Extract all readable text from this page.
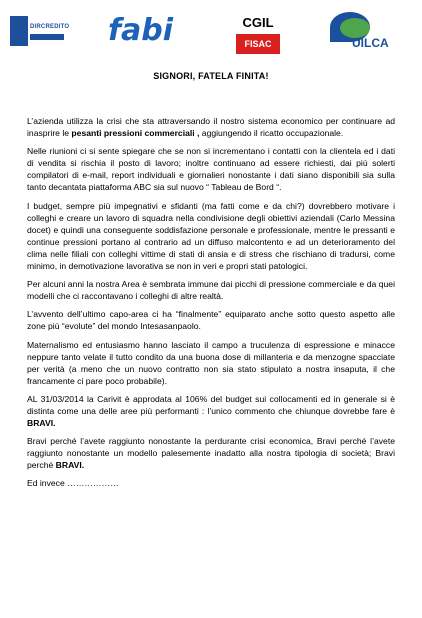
DIRCREDITO fabi	CGIL
FISAC	UILCA
SIGNORI, FATELA FINITA!

L’azienda utilizza la crisi che sta attraversando il nostro sistema economico per continuare ad inasprire le pesanti pressioni commerciali , aggiungendo il ricatto occupazionale.

Nelle riunioni ci si sente spiegare che se non si incrementano i contatti con la clientela ed i dati di vendita si rischia il posto di lavoro; inoltre continuano ad essere richiesti, dai più solerti compilatori di e-mail, report individuali e giornalieri nonostante i dati siano disponibili sia sulla tanto decantata piattaforma ABC sia sul nuovo “ Tableau de Bord “.

I budget, sempre più impegnativi e sfidanti (ma fatti come e da chi?) dovrebbero motivare i colleghi e creare un lavoro di squadra nella condivisione degli obiettivi aziendali (Carlo Messina docet) e quindi una conseguente soddisfazione personale e professionale, mentre le pressanti e continue pressioni portano al contrario ad un diffuso malcontento e ad un deterioramento del clima nelle filiali con colleghi vittime di stati di ansia e di stress che rischiano di tradursi, come minimo, in demotivazione lavorativa se non in veri e propri stati patologici.

Per alcuni anni la nostra Area è sembrata immune dai picchi di pressione commerciale e da quei modelli che ci raccontavano i colleghi di altre realtà.

L’avvento dell’ultimo capo-area ci ha “finalmente” equiparato anche sotto questo aspetto alle zone più “evolute” del mondo Intesasanpaolo.

Maternalismo ed entusiasmo hanno lasciato il campo a truculenza di espressione e minacce neppure tanto velate il tutto condito da una buona dose di millanteria e da menzogne spacciate per verità (a meno che un nuovo contratto non sia stato stipulato a nostra insaputa, il che francamente ci pare poco probabile).

AL 31/03/2014 la Carivit è approdata al 106% del budget sui collocamenti ed in generale si è distinta come una delle aree più performanti : l’unico commento che chiunque dovrebbe fare è BRAVI.

Bravi perché l’avete raggiunto nonostante la perdurante crisi economica, Bravi perché l’avete raggiunto nonostante un modello palesemente inadatto alla nostra tipologia di società; Bravi perché BRAVI.

Ed invece ………………
